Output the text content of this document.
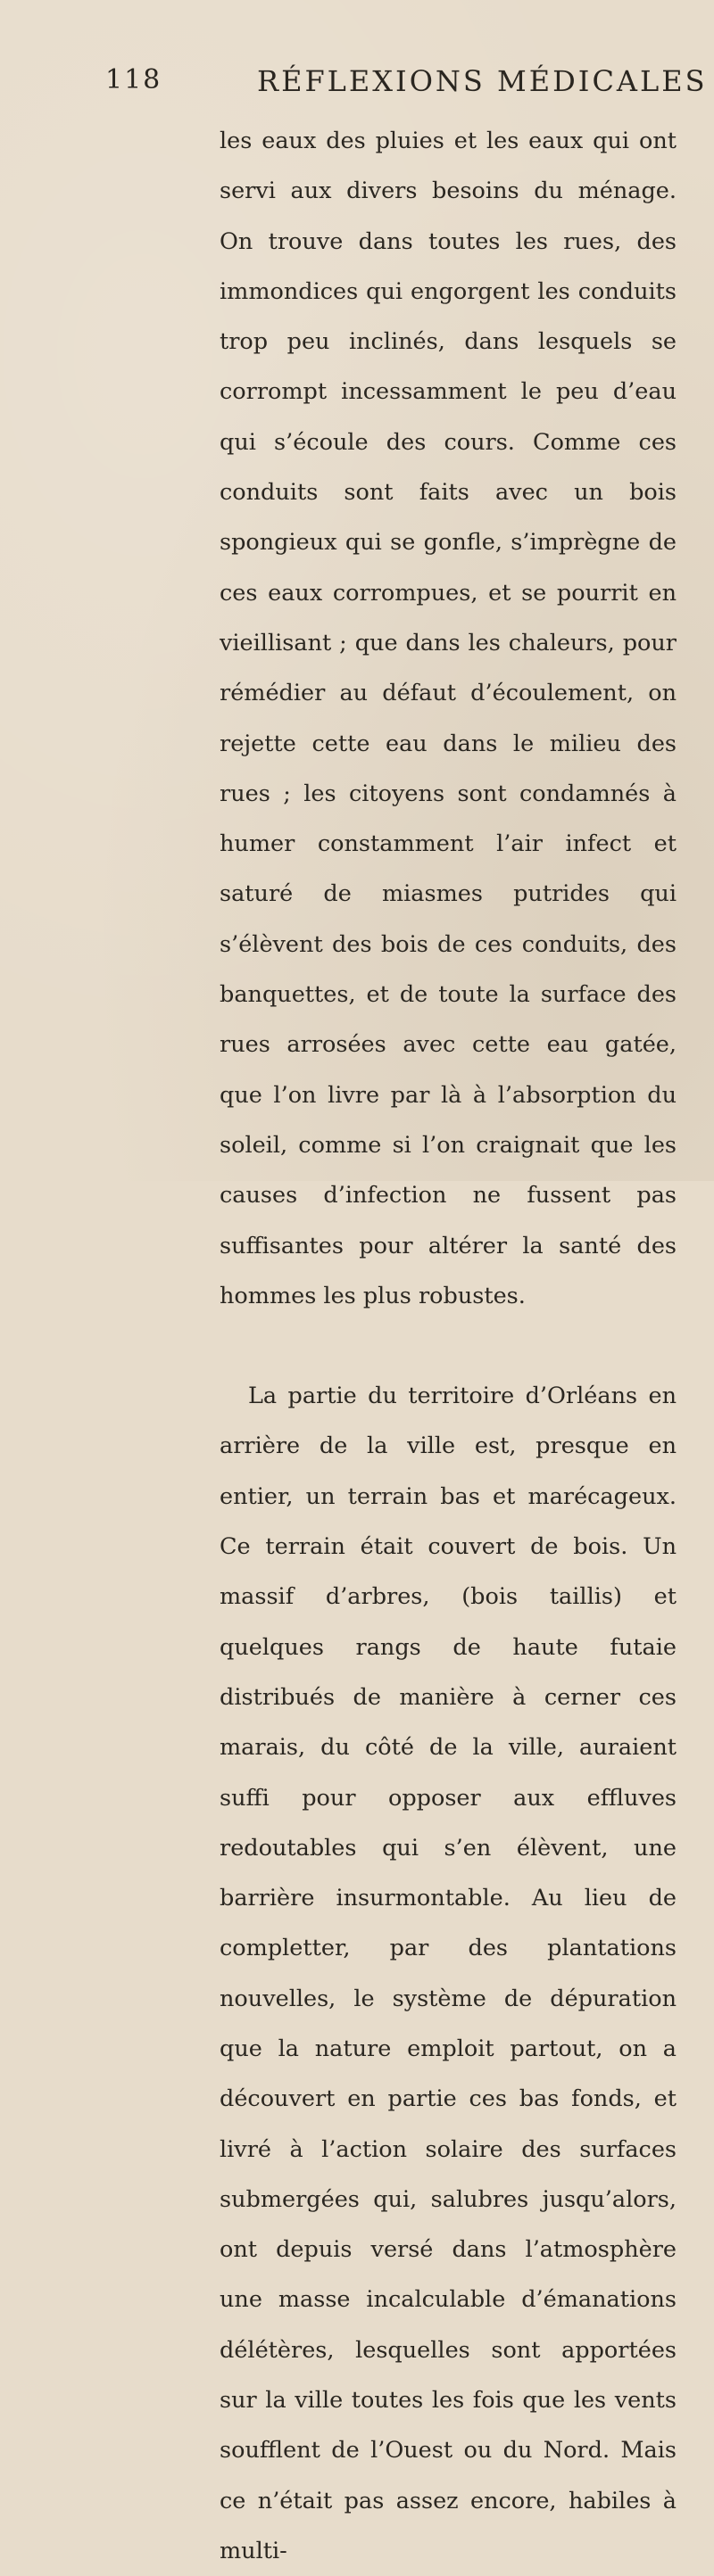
118	RÉFLEXIONS MÉDICALES

les eaux des pluies et les eaux qui ont servi aux divers besoins du ménage. On trouve dans toutes les rues, des immondices qui engorgent les conduits trop peu inclinés, dans lesquels se corrompt incessamment le peu d’eau qui s’écoule des cours. Comme ces conduits sont faits avec un bois spongieux qui se gonfle, s’imprègne de ces eaux corrompues, et se pourrit en vieillisant ; que dans les chaleurs, pour rémédier au défaut d’écoulement, on rejette cette eau dans le milieu des rues ; les citoyens sont condamnés à humer constamment l’air infect et saturé de miasmes putrides qui s’élèvent des bois de ces conduits, des banquettes, et de toute la surface des rues arrosées avec cette eau gatée, que l’on livre par là à l’absorption du soleil, comme si l’on craignait que les causes d’infection ne fussent pas suffisantes pour altérer la santé des hommes les plus robustes.

La partie du territoire d’Orléans en arrière de la ville est, presque en entier, un terrain bas et marécageux. Ce terrain était couvert de bois. Un massif d’arbres, (bois taillis) et quelques rangs de haute futaie distribués de manière à cerner ces marais, du côté de la ville, auraient suffi pour opposer aux effluves redoutables qui s’en élèvent, une barrière insurmontable. Au lieu de completter, par des plantations nouvelles, le système de dépuration que la nature emploit partout, on a découvert en partie ces bas fonds, et livré à l’action solaire des surfaces submergées qui, salubres jusqu’alors, ont depuis versé dans l’atmosphère une masse incalculable d’émanations délétères, lesquelles sont apportées sur la ville toutes les fois que les vents soufflent de l’Ouest ou du Nord. Mais ce n’était pas assez encore, habiles à multi-
